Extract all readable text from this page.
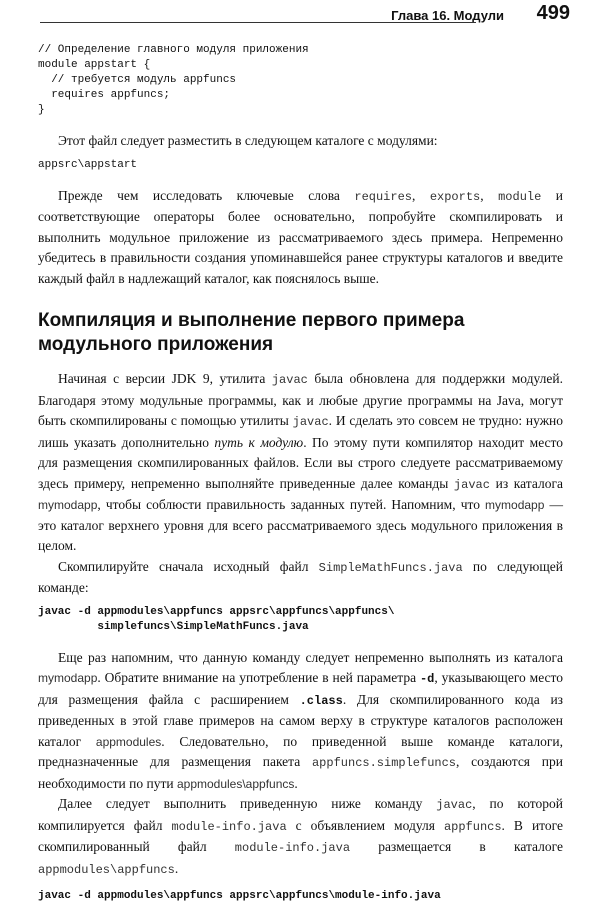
Глава 16. Модули 499
// Определение главного модуля приложения
module appstart {
// требуется модуль appfuncs
requires appfuncs;
}

Этот файл следует разместить в следующем каталоге с модулями:

appsrc\appstart

Прежде чем исследовать ключевые слова requires, exports, module и соответствующие операторы более основательно, попробуйте скомпилировать и выполнить модульное приложение из рассматриваемого здесь примера. Непременно убедитесь в правильности создания упоминавшейся ранее структуры каталогов и введите каждый файл в надлежащий каталог, как пояснялось выше.

Компиляция и выполнение первого примера модульного приложения

Начиная с версии JDK 9, утилита javac была обновлена для поддержки модулей. Благодаря этому модульные программы, как и любые другие программы на Java, могут быть скомпилированы с помощью утилиты javac. И сделать это совсем не трудно: нужно лишь указать дополнительно путь к модулю. По этому пути компилятор находит место для размещения скомпилированных файлов. Если вы строго следуете рассматриваемому здесь примеру, непременно выполняйте приведенные далее команды javac из каталога mymodapp, чтобы соблюсти правильность заданных путей. Напомним, что mymodapp — это каталог верхнего уровня для всего рассматриваемого здесь модульного приложения в целом.

Скомпилируйте сначала исходный файл SimpleMathFuncs.java по следующей команде:

javac -d appmodules\appfuncs appsrc\appfuncs\appfuncs\
simplefuncs\SimpleMathFuncs.java

Еще раз напомним, что данную команду следует непременно выполнять из каталога mymodapp. Обратите внимание на употребление в ней параметра -d, указывающего место для размещения файла с расширением .class. Для скомпилированного кода из приведенных в этой главе примеров на самом верху в структуре каталогов расположен каталог appmodules. Следовательно, по приведенной выше команде каталоги, предназначенные для размещения пакета appfuncs.simplefuncs, создаются при необходимости по пути appmodules\appfuncs.

Далее следует выполнить приведенную ниже команду javac, по которой компилируется файл module-info.java с объявлением модуля appfuncs. В итоге скомпилированный файл module-info.java размещается в каталоге appmodules\appfuncs.

javac -d appmodules\appfuncs appsrc\appfuncs\module-info.java
